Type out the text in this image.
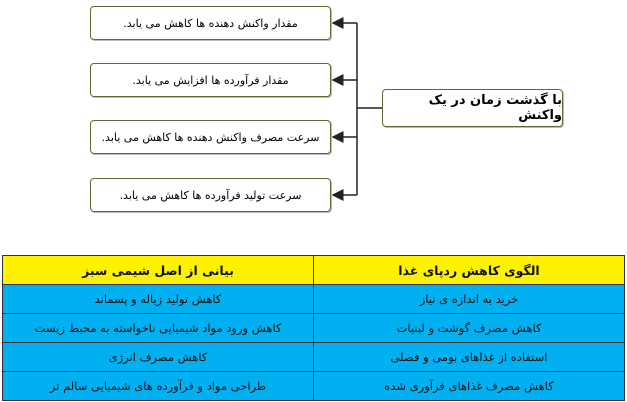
مقدار واکنش دهنده ها کاهش می یابد.
مقدار فرآورده ها افزایش می یابد.
سرعت مصرف واکنش دهنده ها کاهش می یابد.
سرعت تولید فرآورده ها کاهش می یابد.
با گذشت زمان در یک واکنش
الگوی کاهش ردپای غذا	بیانی از اصل شیمی سبز
خرید به اندازه ی نیاز	کاهش تولید زباله و پسماند
کاهش مصرف گوشت و لبنیات	کاهش ورود مواد شیمیایی ناخواسته به محیط زیست
استفاده از غذاهای بومی و فصلی	کاهش مصرف انرژی
کاهش مصرف غذاهای فرآوری شده	طراحی مواد و فرآورده های شیمیایی سالم تر
